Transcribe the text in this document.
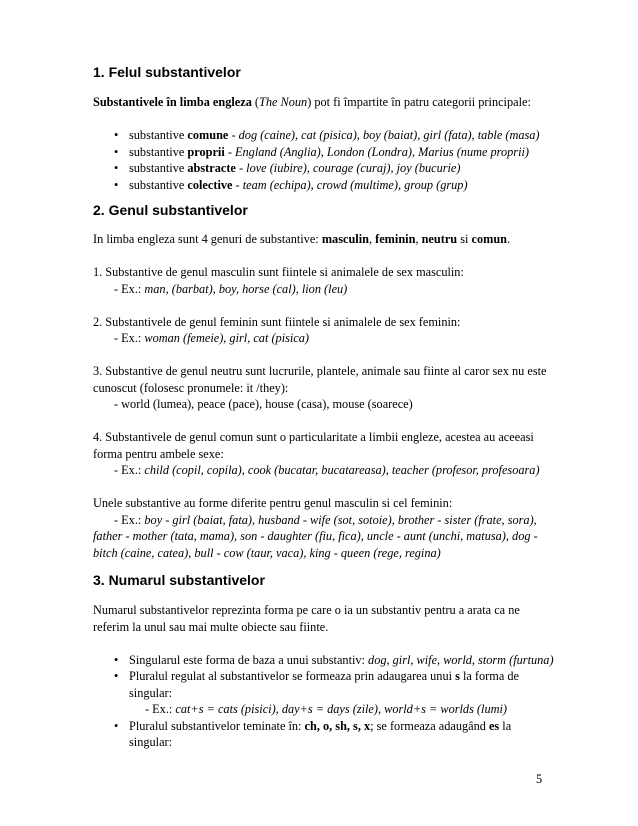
1. Felul substantivelor

Substantivele în limba engleza (The Noun) pot fi împartite în patru categorii principale:

• substantive comune - dog (caine), cat (pisica), boy (baiat), girl (fata), table (masa)
• substantive proprii - England (Anglia), London (Londra), Marius (nume proprii)
• substantive abstracte - love (iubire), courage (curaj), joy (bucurie)
• substantive colective - team (echipa), crowd (multime), group (grup)
2. Genul substantivelor

In limba engleza sunt 4 genuri de substantive: masculin, feminin, neutru si comun.

1. Substantive de genul masculin sunt fiintele si animalele de sex masculin:

- Ex.: man, (barbat), boy, horse (cal), lion (leu)

2. Substantivele de genul feminin sunt fiintele si animalele de sex feminin:

- Ex.: woman (femeie), girl, cat (pisica)

3. Substantive de genul neutru sunt lucrurile, plantele, animale sau fiinte al caror sex nu este cunoscut (folosesc pronumele: it /they):

- world (lumea), peace (pace), house (casa), mouse (soarece)

4. Substantivele de genul comun sunt o particularitate a limbii engleze, acestea au aceeasi forma pentru ambele sexe:

- Ex.: child (copil, copila), cook (bucatar, bucatareasa), teacher (profesor, profesoara)

Unele substantive au forme diferite pentru genul masculin si cel feminin:

- Ex.: boy - girl (baiat, fata), husband - wife (sot, sotoie), brother - sister (frate, sora), father - mother (tata, mama), son - daughter (fiu, fica), uncle - aunt (unchi, matusa), dog - bitch (caine, catea), bull - cow (taur, vaca), king - queen (rege, regina)

3. Numarul substantivelor

Numarul substantivelor reprezinta forma pe care o ia un substantiv pentru a arata ca ne referim la unul sau mai multe obiecte sau fiinte.

• Singularul este forma de baza a unui substantiv: dog, girl, wife, world, storm (furtuna)
• Pluralul regulat al substantivelor se formeaza prin adaugarea unui s la forma de singular:
- Ex.: cat+s = cats (pisici), day+s = days (zile), world+s = worlds (lumi)
• Pluralul substantivelor teminate în: ch, o, sh, s, x; se formeaza adaugând es la singular:
5
